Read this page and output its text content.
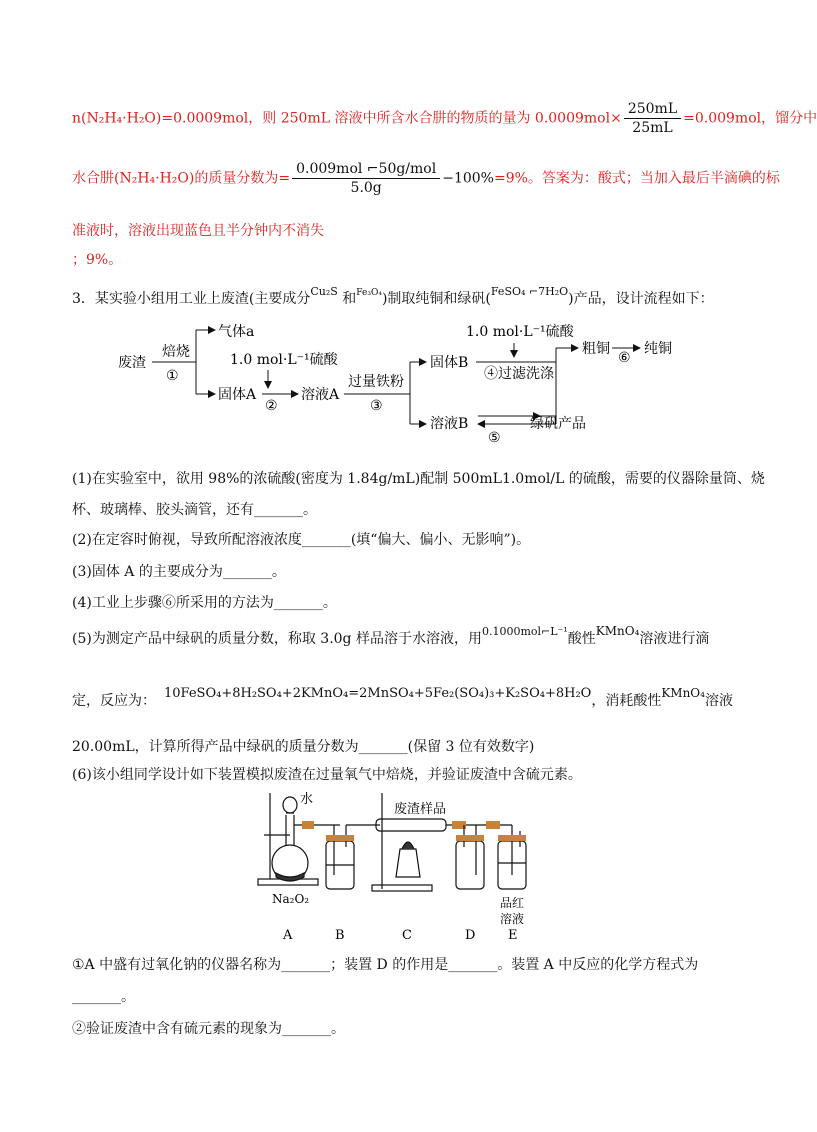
n(N₂H₄·H₂O)=0.0009mol，则 250mL 溶液中所含水合肼的物质的量为 $0.0009mol\times \frac{250mL}{25mL} =0.009mol$，馏分中
水合肼(N₂H₄·H₂O)的质量分数为= $\frac{\text{0.009mol ⌐50g/mol}}{5.0g} -100\%=9\%$。答案为：酸式；当加入最后半滴碘的标
准液时，溶液出现蓝色且半分钟内不消失
；9%。
3．某实验小组用工业上废渣(主要成分$^{Cu_2S}$ 和$^{Fe_3O_4}$)制取纯铜和绿矾($^{FeSO_4 ⌐7H_2O}$)产品，设计流程如下：
废渣
焙烧
①
气体a
固体A
1.0 mol·L⁻¹硫酸
②
溶液A
过量铁粉
③
固体B
1.0 mol·L⁻¹硫酸
④过滤洗涤
粗铜
⑥
纯铜
溶液B
⑤
绿矾产品
(1)在实验室中，欲用 98%的浓硫酸(密度为 1.84g/mL)配制 500mL1.0mol/L 的硫酸，需要的仪器除量筒、烧
杯、玻璃棒、胶头滴管，还有_______。
(2)在定容时俯视，导致所配溶液浓度_______(填“偏大、偏小、无影响”)。
(3)固体 A 的主要成分为_______。
(4)工业上步骤⑥所采用的方法为_______。
(5)为测定产品中绿矾的质量分数，称取 3.0g 样品溶于水溶液，用$^{0.1000mol⌐L^{-1}}$酸性KMnO₄溶液进行滴
定，反应为： 10FeSO₄+8H₂SO₄+2KMnO₄=2MnSO₄+5Fe₂(SO₄)₃+K₂SO₄+8H₂O，消耗酸性KMnO₄溶液
20.00mL，计算所得产品中绿矾的质量分数为_______(保留 3 位有效数字)
(6)该小组同学设计如下装置模拟废渣在过量氧气中焙烧，并验证废渣中含硫元素。
水
Na₂O₂
废渣样品
品红
溶液
A	B	C	D	E
①A 中盛有过氧化钠的仪器名称为_______；装置 D 的作用是_______。装置 A 中反应的化学方程式为
_______。
②验证废渣中含有硫元素的现象为_______。
